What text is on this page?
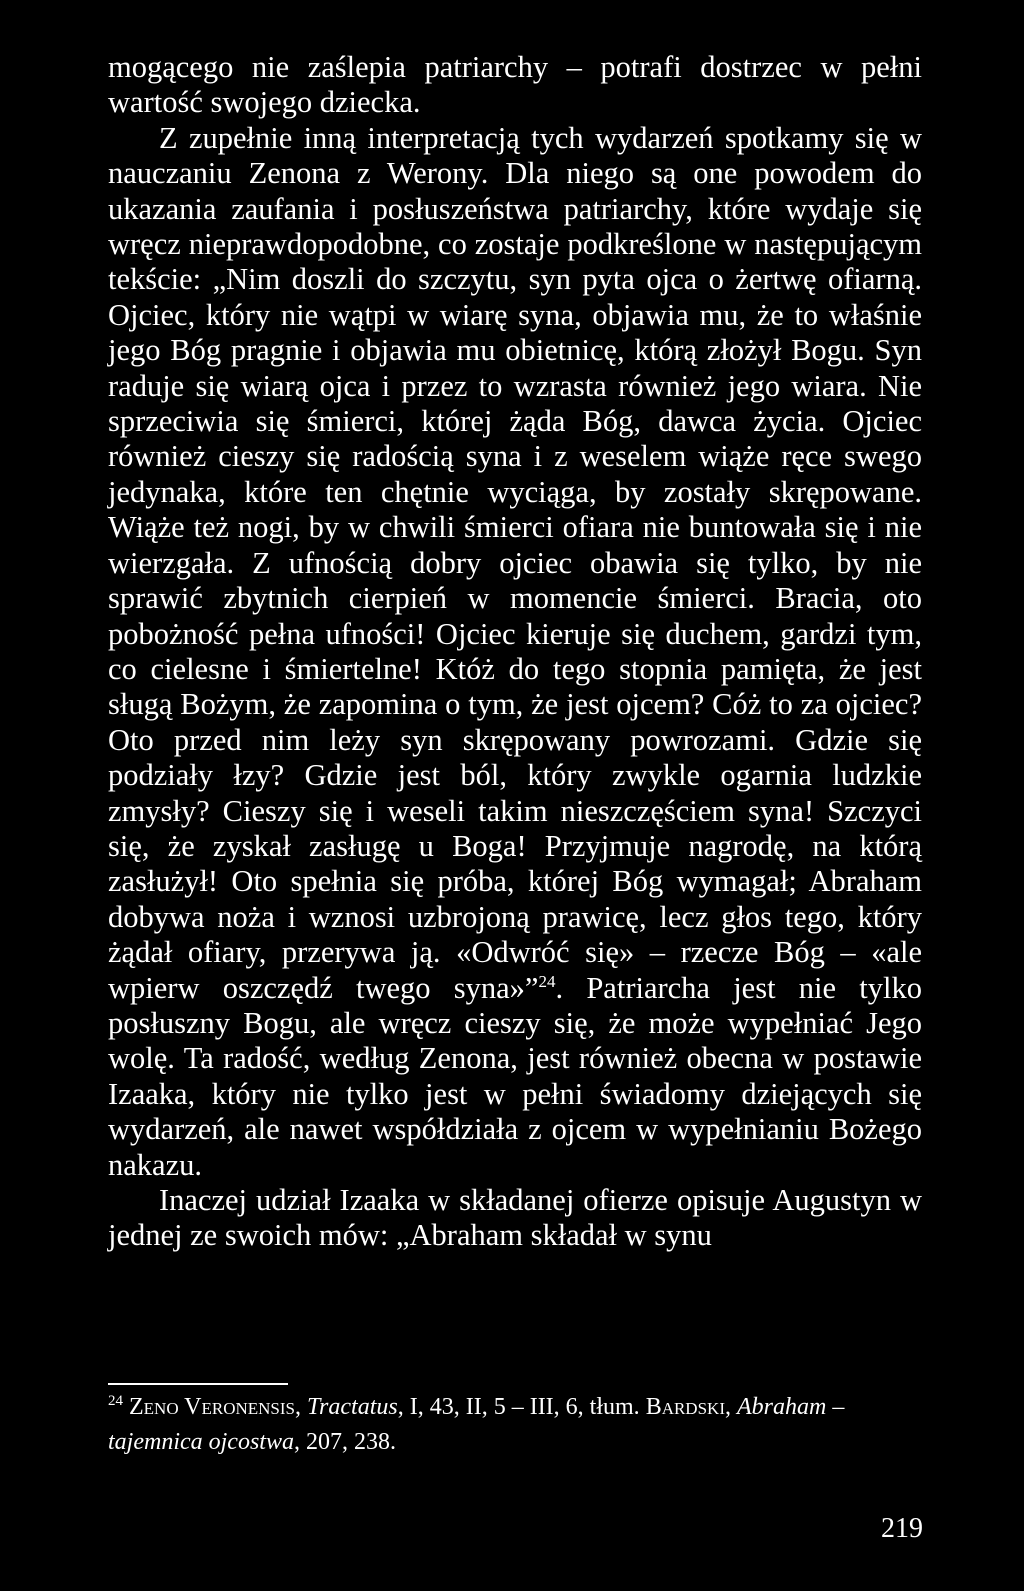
mogącego nie zaślepia patriarchy – potrafi dostrzec w pełni wartość swojego dziecka.

Z zupełnie inną interpretacją tych wydarzeń spotkamy się w nauczaniu Zenona z Werony. Dla niego są one powodem do ukazania zaufania i posłuszeństwa patriarchy, które wydaje się wręcz nieprawdopodobne, co zostaje podkreślone w następującym tekście: „Nim doszli do szczytu, syn pyta ojca o żertwę ofiarną. Ojciec, który nie wątpi w wiarę syna, objawia mu, że to właśnie jego Bóg pragnie i objawia mu obietnicę, którą złożył Bogu. Syn raduje się wiarą ojca i przez to wzrasta również jego wiara. Nie sprzeciwia się śmierci, której żąda Bóg, dawca życia. Ojciec również cieszy się radością syna i z weselem wiąże ręce swego jedynaka, które ten chętnie wyciąga, by zostały skrępowane. Wiąże też nogi, by w chwili śmierci ofiara nie buntowała się i nie wierzgała. Z ufnością dobry ojciec obawia się tylko, by nie sprawić zbytnich cierpień w momencie śmierci. Bracia, oto pobożność pełna ufności! Ojciec kieruje się duchem, gardzi tym, co cielesne i śmiertelne! Któż do tego stopnia pamięta, że jest sługą Bożym, że zapomina o tym, że jest ojcem? Cóż to za ojciec? Oto przed nim leży syn skrępowany powrozami. Gdzie się podziały łzy? Gdzie jest ból, który zwykle ogarnia ludzkie zmysły? Cieszy się i weseli takim nieszczęściem syna! Szczyci się, że zyskał zasługę u Boga! Przyjmuje nagrodę, na którą zasłużył! Oto spełnia się próba, której Bóg wymagał; Abraham dobywa noża i wznosi uzbrojoną prawicę, lecz głos tego, który żądał ofiary, przerywa ją. «Odwróć się» – rzecze Bóg – «ale wpierw oszczędź twego syna»”$^{24}$. Patriarcha jest nie tylko posłuszny Bogu, ale wręcz cieszy się, że może wypełniać Jego wolę. Ta radość, według Zenona, jest również obecna w postawie Izaaka, który nie tylko jest w pełni świadomy dziejących się wydarzeń, ale nawet współdziała z ojcem w wypełnianiu Bożego nakazu.

Inaczej udział Izaaka w składanej ofierze opisuje Augustyn w jednej ze swoich mów: „Abraham składał w synu

$^{24}$ Zeno Veronensis, Tractatus, I, 43, II, 5 – III, 6, tłum. Bardski, Abraham – tajemnica ojcostwa, 207, 238.
219
